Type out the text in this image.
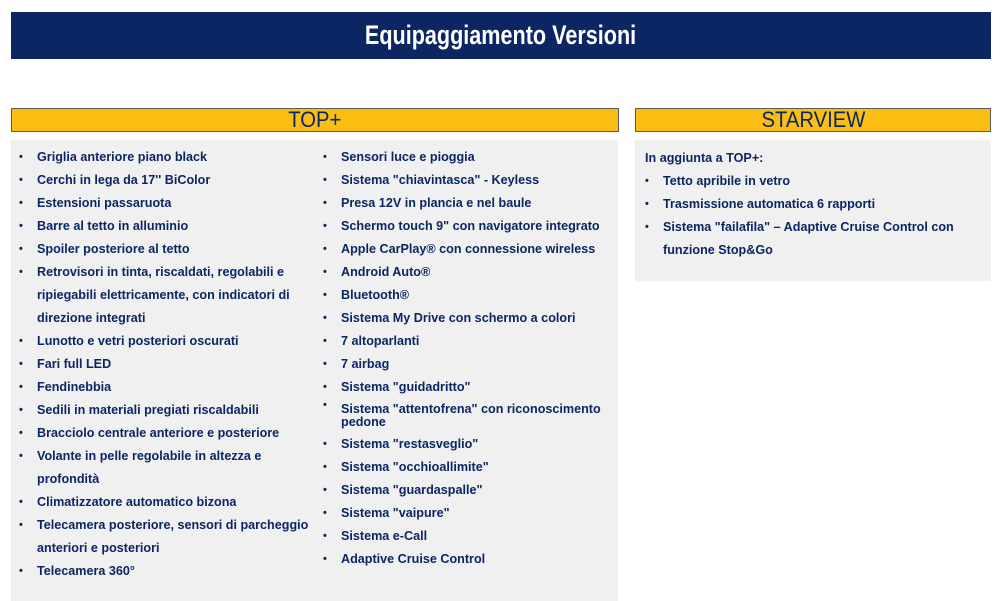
Equipaggiamento Versioni
TOP+
• Griglia anteriore piano black
• Cerchi in lega da 17'' BiColor
• Estensioni passaruota
• Barre al tetto in alluminio
• Spoiler posteriore al tetto
• Retrovisori in tinta, riscaldati, regolabili e ripiegabili elettricamente, con indicatori di direzione integrati
• Lunotto e vetri posteriori oscurati
• Fari full LED
• Fendinebbia
• Sedili in materiali pregiati riscaldabili
• Bracciolo centrale anteriore e posteriore
• Volante in pelle regolabile in altezza e profondità
• Climatizzatore automatico bizona
• Telecamera posteriore, sensori di parcheggio anteriori e posteriori
• Telecamera 360°
• Sensori luce e pioggia
• Sistema "chiavintasca" - Keyless
• Presa 12V in plancia e nel baule
• Schermo touch 9" con navigatore integrato
• Apple CarPlay® con connessione wireless
• Android Auto®
• Bluetooth®
• Sistema My Drive con schermo a colori
• 7 altoparlanti
• 7 airbag
• Sistema "guidadritto"
• Sistema "attentofrena" con riconoscimento pedone
• Sistema "restasveglio"
• Sistema "occhioallimite"
• Sistema "guardaspalle"
• Sistema "vaipure"
• Sistema e-Call
• Adaptive Cruise Control
STARVIEW
In aggiunta a TOP+:
• Tetto apribile in vetro
• Trasmissione automatica 6 rapporti
• Sistema "failafila" – Adaptive Cruise Control con funzione Stop&Go
